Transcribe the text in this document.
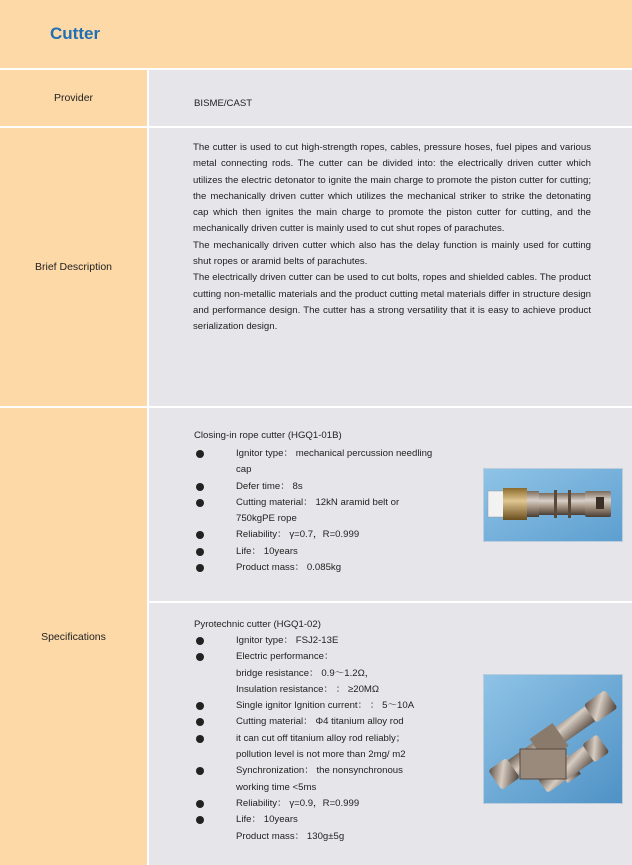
Cutter
Provider	BISME/CAST
Brief Description

The cutter is used to cut high-strength ropes, cables, pressure hoses, fuel pipes and various metal connecting rods. The cutter can be divided into: the electrically driven cutter which utilizes the electric detonator to ignite the main charge to promote the piston cutter for cutting; the mechanically driven cutter which utilizes the mechanical striker to strike the detonating cap which then ignites the main charge to promote the piston cutter for cutting, and the mechanically driven cutter is mainly used to cut shut ropes of parachutes.

The mechanically driven cutter which also has the delay function is mainly used for cutting shut ropes or aramid belts of parachutes.

The electrically driven cutter can be used to cut bolts, ropes and shielded cables. The product cutting non-metallic materials and the product cutting metal materials differ in structure design and performance design. The cutter has a strong versatility that it is easy to achieve product serialization design.

Specifications
Closing-in rope cutter (HGQ1-01B)
Ignitor type： mechanical percussion needling
cap
Defer time： 8s
Cutting material： 12kN aramid belt or
750kgPE rope
Reliability： γ=0.7，R=0.999
Life： 10years
Product mass： 0.085kg
Pyrotechnic cutter (HGQ1-02)
Ignitor type： FSJ2-13E
Electric performance：
bridge resistance： 0.9～1.2Ω，
Insulation resistance： ： ≥20MΩ
Single ignitor Ignition current： ： 5～10A
Cutting material： Φ4 titanium alloy rod
it can cut off titanium alloy rod reliably；
pollution level is not more than 2mg/ m2
Synchronization： the nonsynchronous
working time <5ms
Reliability： γ=0.9，R=0.999
Life： 10years
Product mass： 130g±5g
